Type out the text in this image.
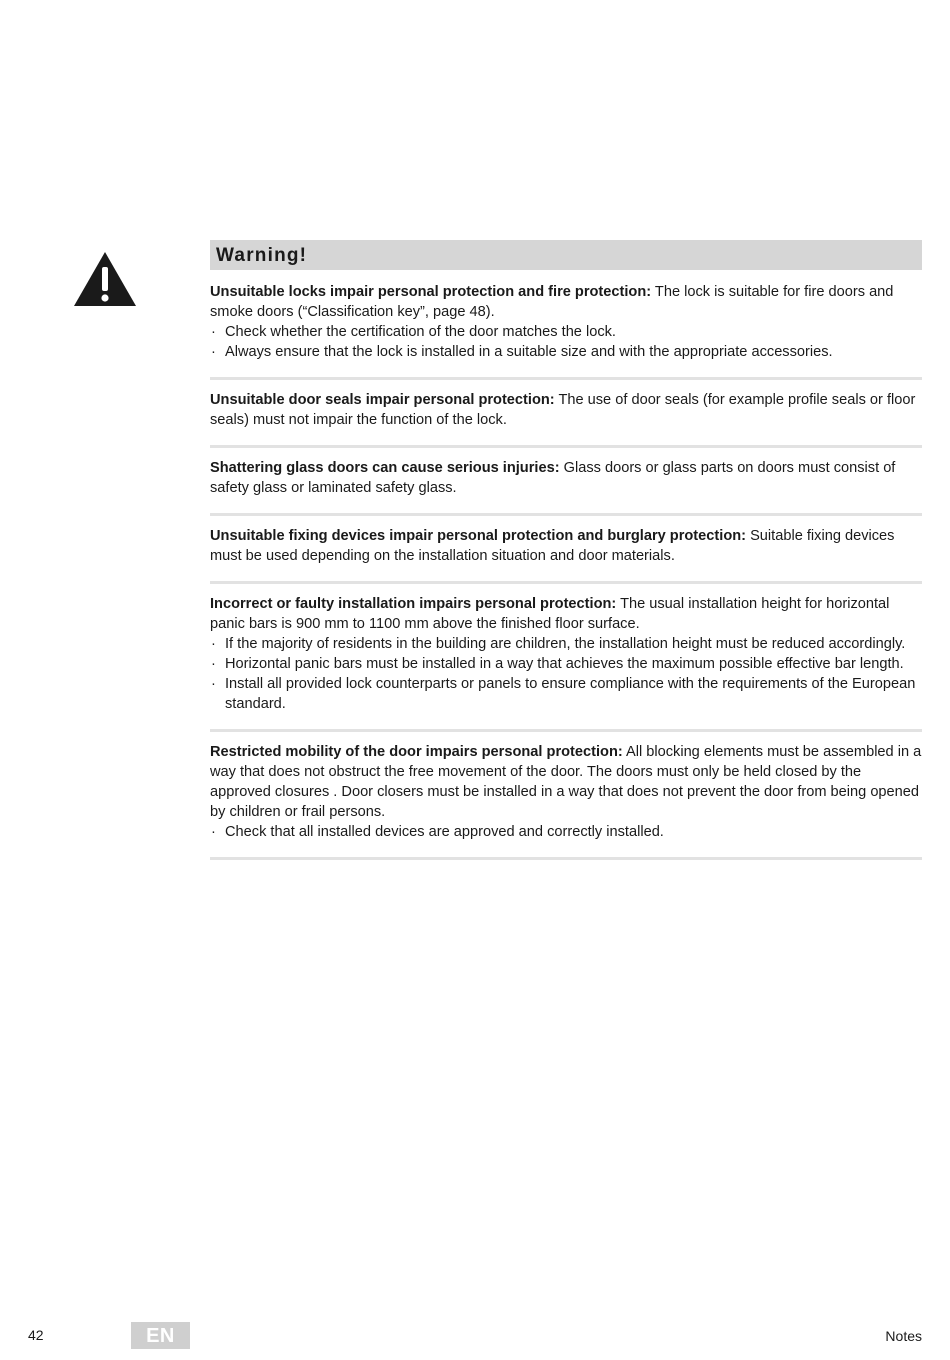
Warning!

Unsuitable locks impair personal protection and fire protection: The lock is suitable for fire doors and smoke doors (“Classification key”, page 48).

· Check whether the certification of the door matches the lock.
· Always ensure that the lock is installed in a suitable size and with the appropriate accessories.

Unsuitable door seals impair personal protection: The use of door seals (for example profile seals or floor seals) must not impair the function of the lock.

Shattering glass doors can cause serious injuries: Glass doors or glass parts on doors must consist of safety glass or laminated safety glass.

Unsuitable fixing devices impair personal protection and burglary protection: Suitable fixing devices must be used depending on the installation situation and door materials.

Incorrect or faulty installation impairs personal protection: The usual installation height for horizontal panic bars is 900 mm to 1100 mm above the finished floor surface.

· If the majority of residents in the building are children, the installation height must be reduced accordingly.
· Horizontal panic bars must be installed in a way that achieves the maximum possible effective bar length.
· Install all provided lock counterparts or panels to ensure compliance with the requirements of the European standard.

Restricted mobility of the door impairs personal protection: All blocking elements must be assembled in a way that does not obstruct the free movement of the door. The doors must only be held closed by the approved closures . Door closers must be installed in a way that does not prevent the door from being opened by children or frail persons.

· Check that all installed devices are approved and correctly installed.
42	EN	Notes
